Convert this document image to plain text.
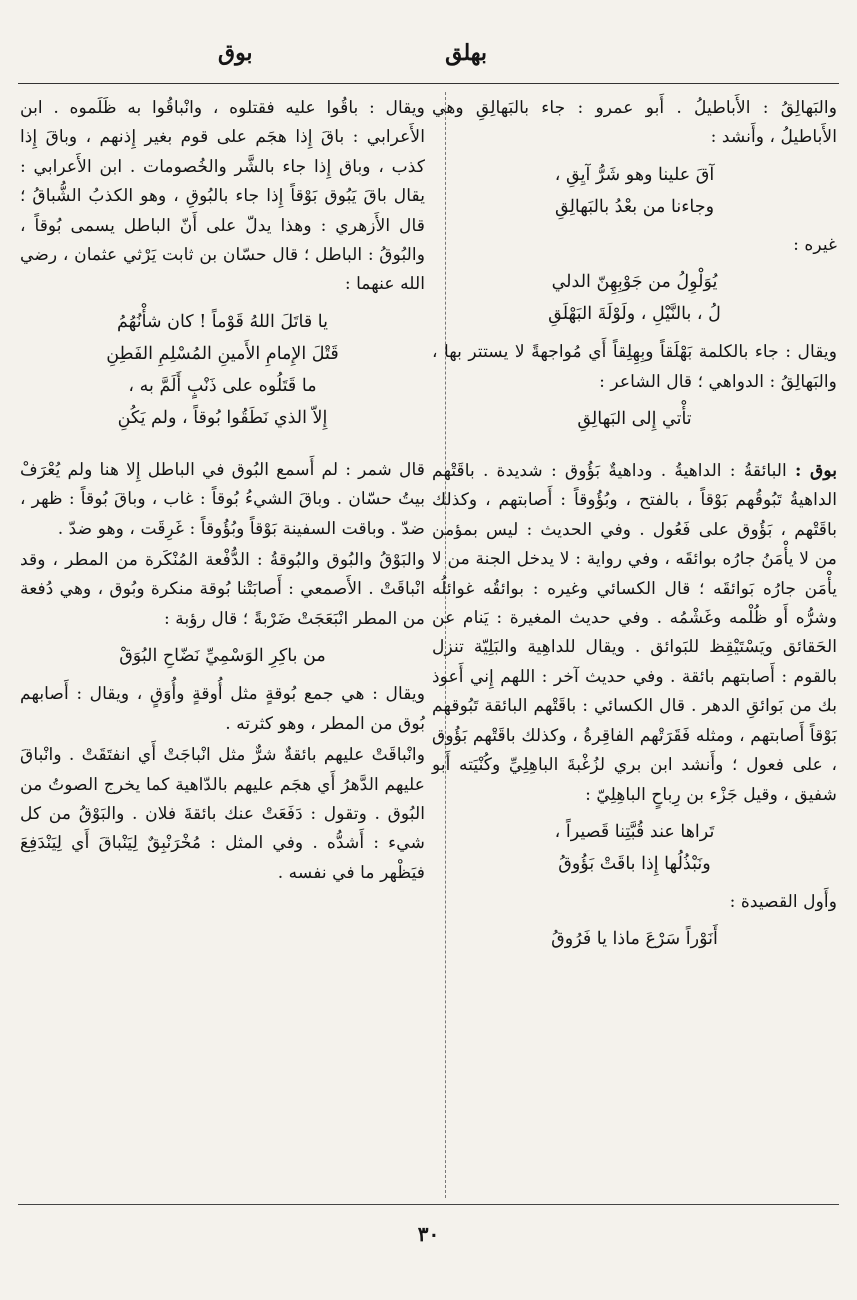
بهلق
بوق

والبَهالِقُ : الأَباطيلُ . أَبو عمرو : جاء بالبَهالِقِ وهي الأَباطيلُ ، وأَنشد :

آقَ علينا وهو شَرُّ آيِقِ ،
وجاءنا من بعْدُ بالبَهالِقِ

غيره :

يُوَلْوِلُ من جَوْبِهِنّ الدلي
لُ ، بالنَّيْلِ ، ولَوْلَةَ البَهْلَقِ

ويقال : جاء بالكلمة بَهْلَقاً وبِهِلِقاً أَي مُواجهةً لا يستتر بها ، والبَهالِقُ : الدواهي ؛ قال الشاعر :

تأْتي إِلى البَهالِقِ

بوق : البائقةُ : الداهيةُ . وداهيةٌ بَؤُوق : شديدة . باقَتْهم الداهيةُ تَبُوقُهم بَوْقاً ، بالفتح ، وبُؤُوقاً : أَصابتهم ، وكذلك باقَتْهم ، بَؤُوق على فَعُول . وفي الحديث : ليس بمؤمن من لا يأْمَنُ جارُه بوائقَه ، وفي رواية : لا يدخل الجنة من لا يأْمَن جارُه بَوائقَه ؛ قال الكسائي وغيره : بوائقُه غوائلُه وشرُّه أَو ظُلْمه وغَشْمُه . وفي حديث المغيرة : يَنام عن الحَقائق ويَسْتَيْقِظ للبَوائق . ويقال للداهِية والبَلِيّة تنزل بالقوم : أَصابتهم بائقة . وفي حديث آخر : اللهم إِني أَعوذ بك من بَوائقِ الدهر . قال الكسائي : باقَتْهم البائقة تَبُوقهم بَوْقاً أَصابتهم ، ومثله فَقَرَتْهم الفاقِرةُ ، وكذلك باقَتْهم بَؤُوق ، على فعول ؛ وأَنشد ابن بري لزُغْبةَ الباهِلِيِّ وكُنْيَته أَبو شفيق ، وقيل جَزْء بن رِباحٍ الباهِلِيّ :

تَراها عند قُبَّتِنا قَصيراً ،
ونَبْذُلُها إِذا باقَتْ بَؤُوقُ

وأَول القصيدة :

أَنَوْراً سَرْعَ ماذا يا فَرُوقُ

ويقال : باقُوا عليه فقتلوه ، وانْباقُوا به ظَلَموه . ابن الأَعرابي : باقَ إِذا هجَم على قوم بغير إِذنهم ، وباقَ إِذا كذب ، وباق إِذا جاء بالشَّر والخُصومات . ابن الأَعرابي : يقال باقَ يَبُوق بَوْقاً إِذا جاء بالبُوقِ ، وهو الكذبُ الشُّباقُ ؛ قال الأَزهري : وهذا يدلّ على أَنّ الباطل يسمى بُوقاً ، والبُوقُ : الباطل ؛ قال حسّان بن ثابت يَرْثي عثمان ، رضي الله عنهما :

يا قاتَلَ اللهُ قَوْماً ! كان شأْنُهُمُ
قَتْلَ الإِمامِ الأَمينِ المُسْلِمِ الفَطِنِ
ما قَتَلُوه على ذَنْبٍ أَلَمَّ به ،
إِلاّ الذي نَطَقُوا بُوقاً ، ولم يَكُنِ

قال شمر : لم أَسمع البُوق في الباطل إِلا هنا ولم يُعْرَفْ بيتُ حسّان . وباقَ الشيءُ بُوقاً : غاب ، وباقَ بُوقاً : ظهر ، ضدّ . وباقت السفينة بَوْقاً وبُؤُوقاً : غَرِقَت ، وهو ضدّ .

والبَوْقُ والبُوق والبُوقةُ : الدُّفْعة المُنْكَرة من المطر ، وقد انْباقَتْ . الأَصمعي : أَصابَتْنا بُوقة منكرة وبُوق ، وهي دُفعة من المطر انْبَعَجَتْ ضَرْبةً ؛ قال رؤبة :

من باكِرِ الوَسْمِيِّ نَضّاحِ البُوَقْ

ويقال : هي جمع بُوقةٍ مثل أُوقةٍ وأُوَقٍ ، ويقال : أَصابهم بُوق من المطر ، وهو كثرته .

وانْباقَتْ عليهم بائقةٌ شرٌّ مثل انْباجَتْ أَي انفتَقَتْ . وانْباقَ عليهم الدَّهرُ أَي هجَم عليهم بالدّاهية كما يخرج الصوتُ من البُوق . وتقول : دَفَعَتْ عنك بائقةَ فلان . والبَوْقُ من كل شيء : أَشدُّه . وفي المثل : مُخْرَنْبِقٌ لِيَنْباقَ أَي لِيَنْدَفِعَ فيَظْهر ما في نفسه .

٣٠
